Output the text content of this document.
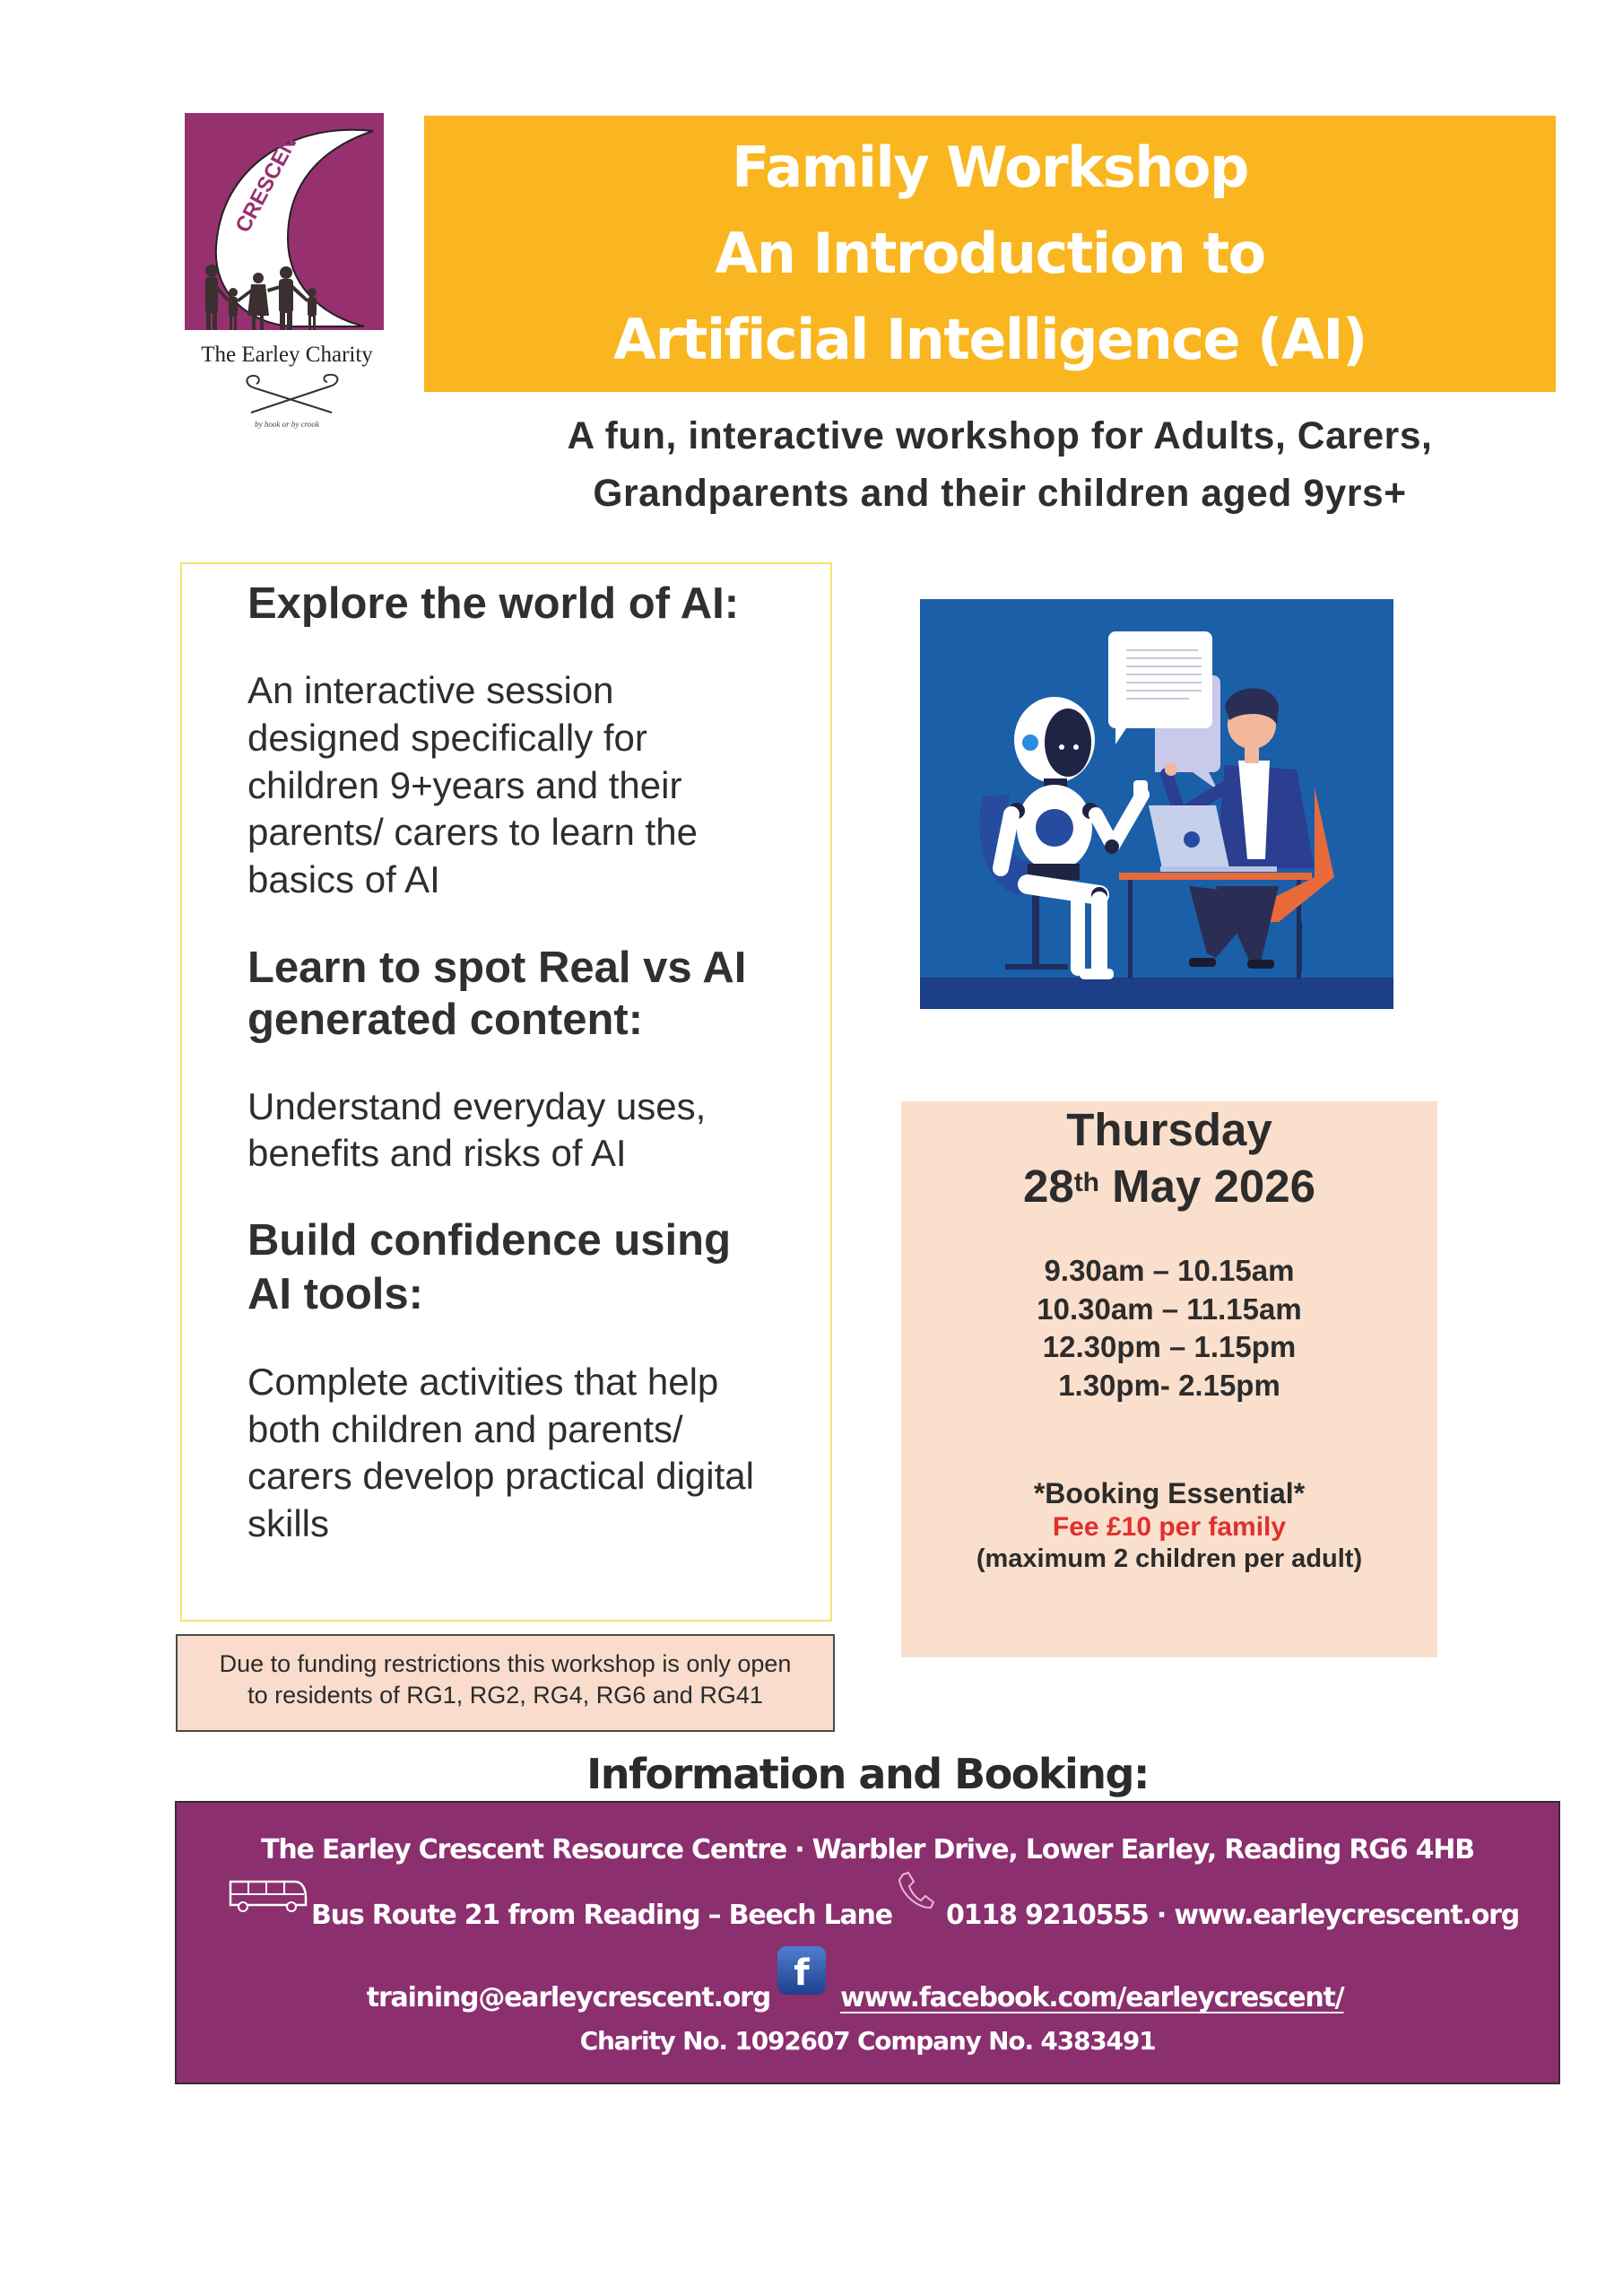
CRESCENT
The Earley Charity
by hook or by crook
Family Workshop
An Introduction to
Artificial Intelligence (AI)
A fun, interactive workshop for Adults, Carers,
Grandparents and their children aged 9yrs+
Explore the world of AI:
An interactive session
designed specifically for
children 9+years and their
parents/ carers to learn the
basics of AI
Learn to spot Real vs AI
generated content:
Understand everyday uses,
benefits and risks of AI
Build confidence using
AI tools:
Complete activities that help
both children and parents/
carers develop practical digital
skills
Due to funding restrictions this workshop is only open
to residents of RG1, RG2, RG4, RG6 and RG41
Thursday
28th May 2026
9.30am – 10.15am
10.30am – 11.15am
12.30pm – 1.15pm
1.30pm- 2.15pm
*Booking Essential*
Fee £10 per family
(maximum 2 children per adult)
Information and Booking:
The Earley Crescent Resource Centre · Warbler Drive, Lower Earley, Reading RG6 4HB
Bus Route 21 from Reading – Beech Lane 0118 9210555 · www.earleycrescent.org
training@earleycrescent.org
f
www.facebook.com/earleycrescent/
Charity No. 1092607 Company No. 4383491
